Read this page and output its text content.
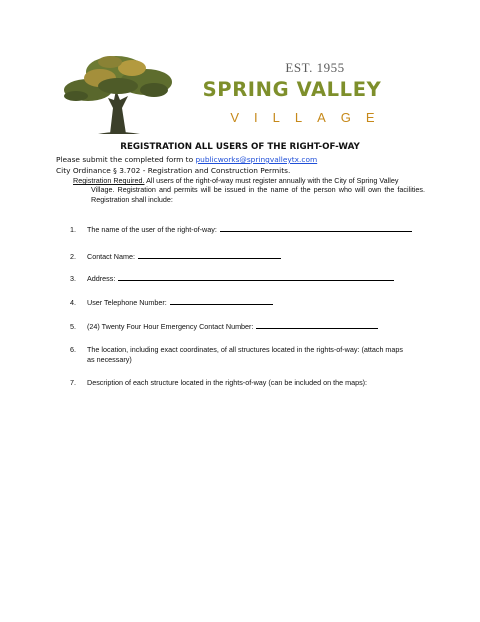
EST. 1955
SPRING VALLEY
VILLAGE
REGISTRATION ALL USERS OF THE RIGHT-OF-WAY
Please submit the completed form to publicworks@springvalleytx.com
City Ordinance § 3.702 - Registration and Construction Permits.
Registration Required. All users of the right-of-way must register annually with the City of Spring Valley
Village. Registration and permits will be issued in the name of the person who will own the facilities. Registration shall include:
1. The name of the user of the right-of-way:
2. Contact Name:
3. Address:
4. User Telephone Number:
5. (24) Twenty Four Hour Emergency Contact Number:
6. The location, including exact coordinates, of all structures located in the rights-of-way: (attach maps
as necessary)
7. Description of each structure located in the rights-of-way (can be included on the maps):
